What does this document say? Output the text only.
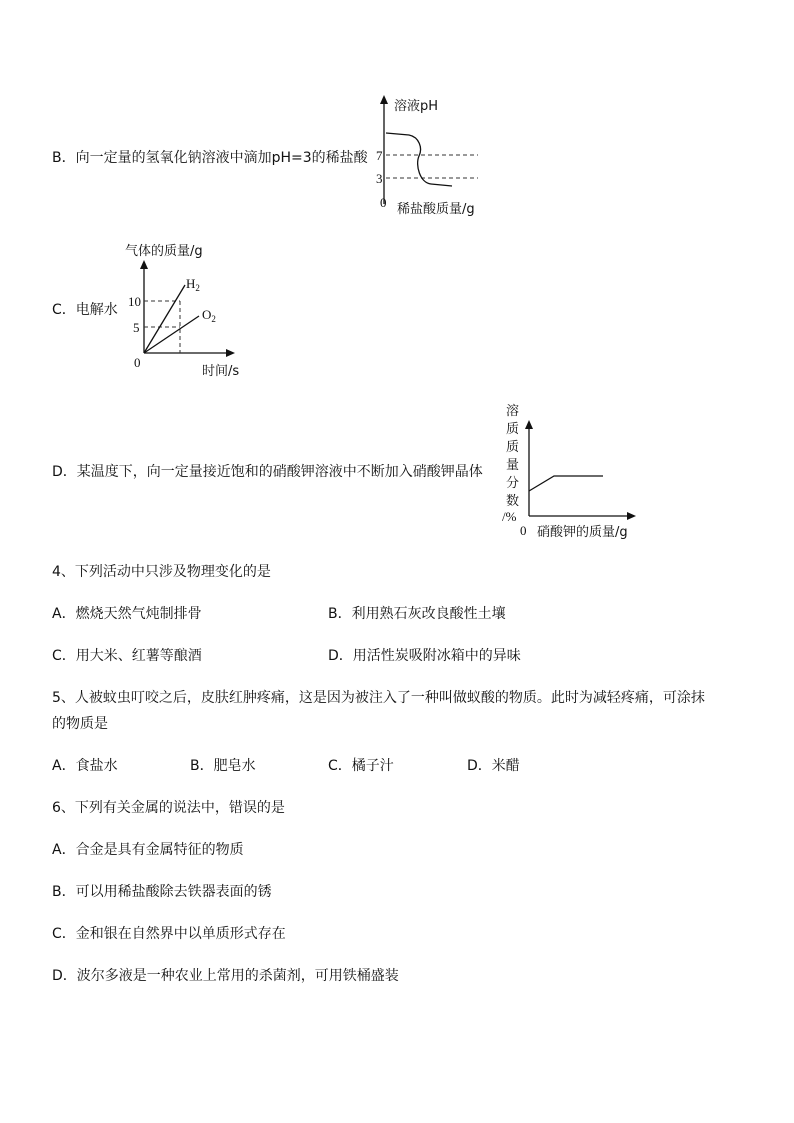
B．向一定量的氢氧化钠溶液中滴加pH=3的稀盐酸
溶液pH
7
3
0 稀盐酸质量/g
C．电解水
气体的质量/g
10
5
0
$H_2$
$O_2$
时间/s
D．某温度下，向一定量接近饱和的硝酸钾溶液中不断加入硝酸钾晶体
溶
质
质
量
分
数
/%
0 硝酸钾的质量/g
4、下列活动中只涉及物理变化的是
A．燃烧天然气炖制排骨	B．利用熟石灰改良酸性土壤
C．用大米、红薯等酿酒	D．用活性炭吸附冰箱中的异味
5、人被蚊虫叮咬之后，皮肤红肿疼痛，这是因为被注入了一种叫做蚁酸的物质。此时为减轻疼痛，可涂抹
的物质是
A．食盐水	B．肥皂水	C．橘子汁	D．米醋
6、下列有关金属的说法中，错误的是
A．合金是具有金属特征的物质
B．可以用稀盐酸除去铁器表面的锈
C．金和银在自然界中以单质形式存在
D．波尔多液是一种农业上常用的杀菌剂，可用铁桶盛装
